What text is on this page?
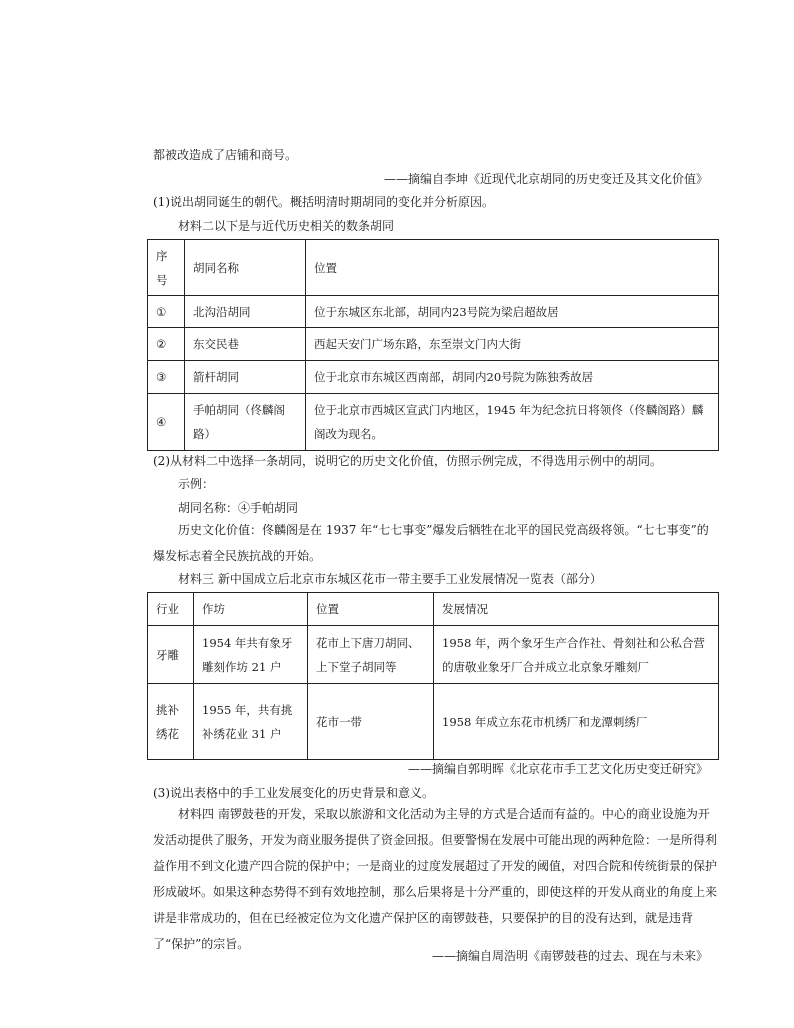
都被改造成了店铺和商号。
——摘编自李坤《近现代北京胡同的历史变迁及其文化价值》
(1)说出胡同诞生的朝代。概括明清时期胡同的变化并分析原因。
材料二以下是与近代历史相关的数条胡同
序号	胡同名称	位置
①	北沟沿胡同	位于东城区东北部，胡同内23号院为梁启超故居
②	东交民巷	西起天安门广场东路，东至崇文门内大街
③	箭杆胡同	位于北京市东城区西南部，胡同内20号院为陈独秀故居
④	手帕胡同（佟麟阁路）	位于北京市西城区宣武门内地区，1945 年为纪念抗日将领佟（佟麟阁路）麟阁改为现名。
(2)从材料二中选择一条胡同，说明它的历史文化价值，仿照示例完成，不得选用示例中的胡同。
示例：
胡同名称：④手帕胡同
历史文化价值：佟麟阁是在 1937 年“七七事变”爆发后牺牲在北平的国民党高级将领。“七七事变”的爆发标志着全民族抗战的开始。
材料三 新中国成立后北京市东城区花市一带主要手工业发展情况一览表（部分）
行业	作坊	位置	发展情况
牙雕	1954 年共有象牙雕刻作坊 21 户	花市上下唐刀胡同、上下堂子胡同等	1958 年，两个象牙生产合作社、骨刻社和公私合营的唐敬业象牙厂合并成立北京象牙雕刻厂
挑补绣花	1955 年，共有挑补绣花业 31 户	花市一带	1958 年成立东花市机绣厂和龙潭刺绣厂
——摘编自郭明晖《北京花市手工艺文化历史变迁研究》
(3)说出表格中的手工业发展变化的历史背景和意义。
材料四 南锣鼓巷的开发，采取以旅游和文化活动为主导的方式是合适而有益的。中心的商业设施为开发活动提供了服务，开发为商业服务提供了资金回报。但要警惕在发展中可能出现的两种危险：一是所得利益作用不到文化遗产四合院的保护中；一是商业的过度发展超过了开发的阈值，对四合院和传统街景的保护形成破坏。如果这种态势得不到有效地控制，那么后果将是十分严重的，即使这样的开发从商业的角度上来讲是非常成功的，但在已经被定位为文化遗产保护区的南锣鼓巷，只要保护的目的没有达到，就是违背了“保护”的宗旨。
——摘编自周浩明《南锣鼓巷的过去、现在与未来》
